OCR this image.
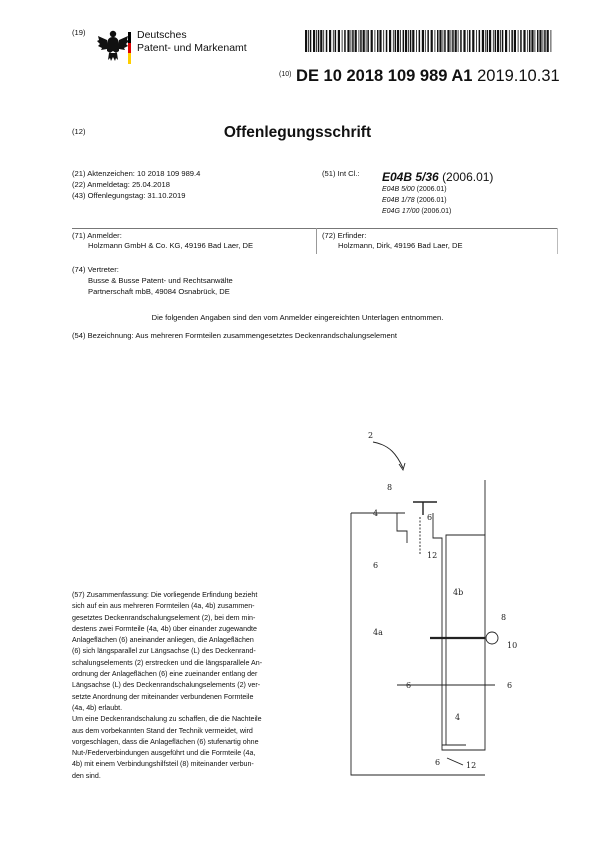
(19)	Deutsches
Patent- und Markenamt
$^{(10)}$ DE 10 2018 109 989 A1 2019.10.31
(12)	Offenlegungsschrift
(21) Aktenzeichen: 10 2018 109 989.4
(22) Anmeldetag: 25.04.2018
(43) Offenlegungstag: 31.10.2019
(51) Int Cl.: E04B 5/36 (2006.01)
E04B 5/00 (2006.01)
E04B 1/78 (2006.01)
E04G 17/00 (2006.01)
(71) Anmelder:
Holzmann GmbH & Co. KG, 49196 Bad Laer, DE
(72) Erfinder:
Holzmann, Dirk, 49196 Bad Laer, DE
(74) Vertreter:
Busse & Busse Patent- und Rechtsanwälte
Partnerschaft mbB, 49084 Osnabrück, DE
Die folgenden Angaben sind den vom Anmelder eingereichten Unterlagen entnommen.
(54) Bezeichnung: Aus mehreren Formteilen zusammengesetztes Deckenrandschalungselement
(57) Zusammenfassung: Die vorliegende Erfindung bezieht
sich auf ein aus mehreren Formteilen (4a, 4b) zusammen-
gesetztes Deckenrandschalungselement (2), bei dem min-
destens zwei Formteile (4a, 4b) über einander zugewandte
Anlageflächen (6) aneinander anliegen, die Anlageflächen
(6) sich längsparallel zur Längsachse (L) des Deckenrand-
schalungselements (2) erstrecken und die längsparallele An-
ordnung der Anlageflächen (6) eine zueinander entlang der
Längsachse (L) des Deckenrandschalungselements (2) ver-
setzte Anordnung der miteinander verbundenen Formteile
(4a, 4b) erlaubt.
Um eine Deckenrandschalung zu schaffen, die die Nachteile
aus dem vorbekannten Stand der Technik vermeidet, wird
vorgeschlagen, dass die Anlageflächen (6) stufenartig ohne
Nut-/Federverbindungen ausgeführt und die Formteile (4a,
4b) mit einem Verbindungshilfsteil (8) miteinander verbun-
den sind.
2
8
4	6
12
6
4b
4a
8
10
6	6
4
6	12
